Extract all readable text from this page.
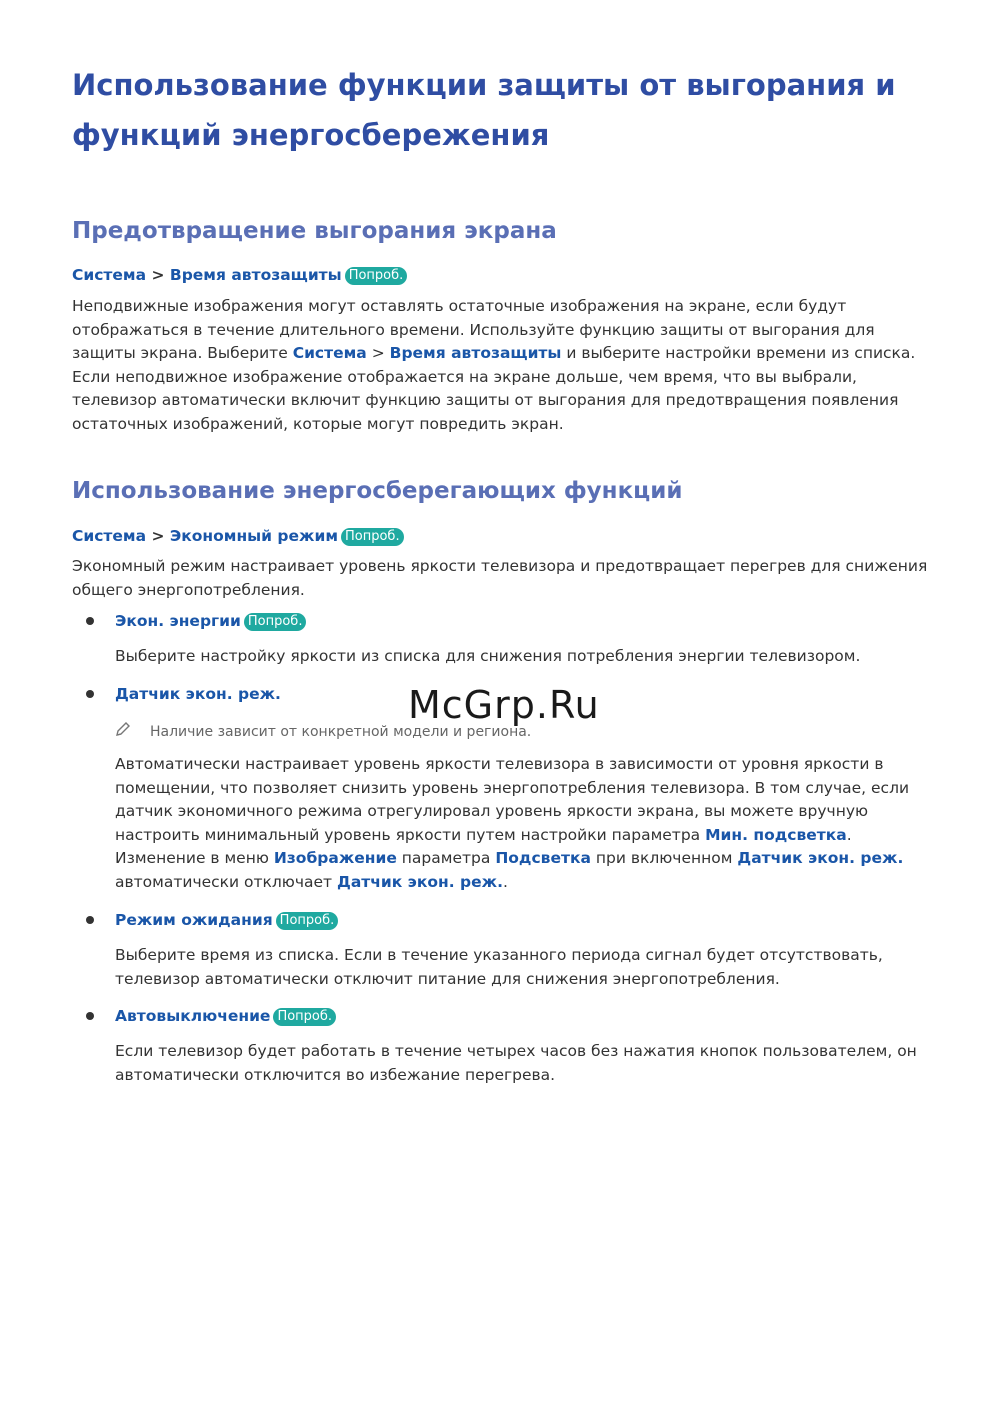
Использование функции защиты от выгорания и функций энергосбережения
Предотвращение выгорания экрана
Система > Время автозащиты Попроб.

Неподвижные изображения могут оставлять остаточные изображения на экране, если будут отображаться в течение длительного времени. Используйте функцию защиты от выгорания для защиты экрана. Выберите Система > Время автозащиты и выберите настройки времени из списка. Если неподвижное изображение отображается на экране дольше, чем время, что вы выбрали, телевизор автоматически включит функцию защиты от выгорания для предотвращения появления остаточных изображений, которые могут повредить экран.

Использование энергосберегающих функций
Система > Экономный режим Попроб.

Экономный режим настраивает уровень яркости телевизора и предотвращает перегрев для снижения общего энергопотребления.

Экон. энергии Попроб.

Выберите настройку яркости из списка для снижения потребления энергии телевизором.

Датчик экон. реж.
Наличие зависит от конкретной модели и региона.

Автоматически настраивает уровень яркости телевизора в зависимости от уровня яркости в помещении, что позволяет снизить уровень энергопотребления телевизора. В том случае, если датчик экономичного режима отрегулировал уровень яркости экрана, вы можете вручную настроить минимальный уровень яркости путем настройки параметра Мин. подсветка. Изменение в меню Изображение параметра Подсветка при включенном Датчик экон. реж. автоматически отключает Датчик экон. реж..

Режим ожидания Попроб.

Выберите время из списка. Если в течение указанного периода сигнал будет отсутствовать, телевизор автоматически отключит питание для снижения энергопотребления.

Автовыключение Попроб.

Если телевизор будет работать в течение четырех часов без нажатия кнопок пользователем, он автоматически отключится во избежание перегрева.

McGrp.Ru
